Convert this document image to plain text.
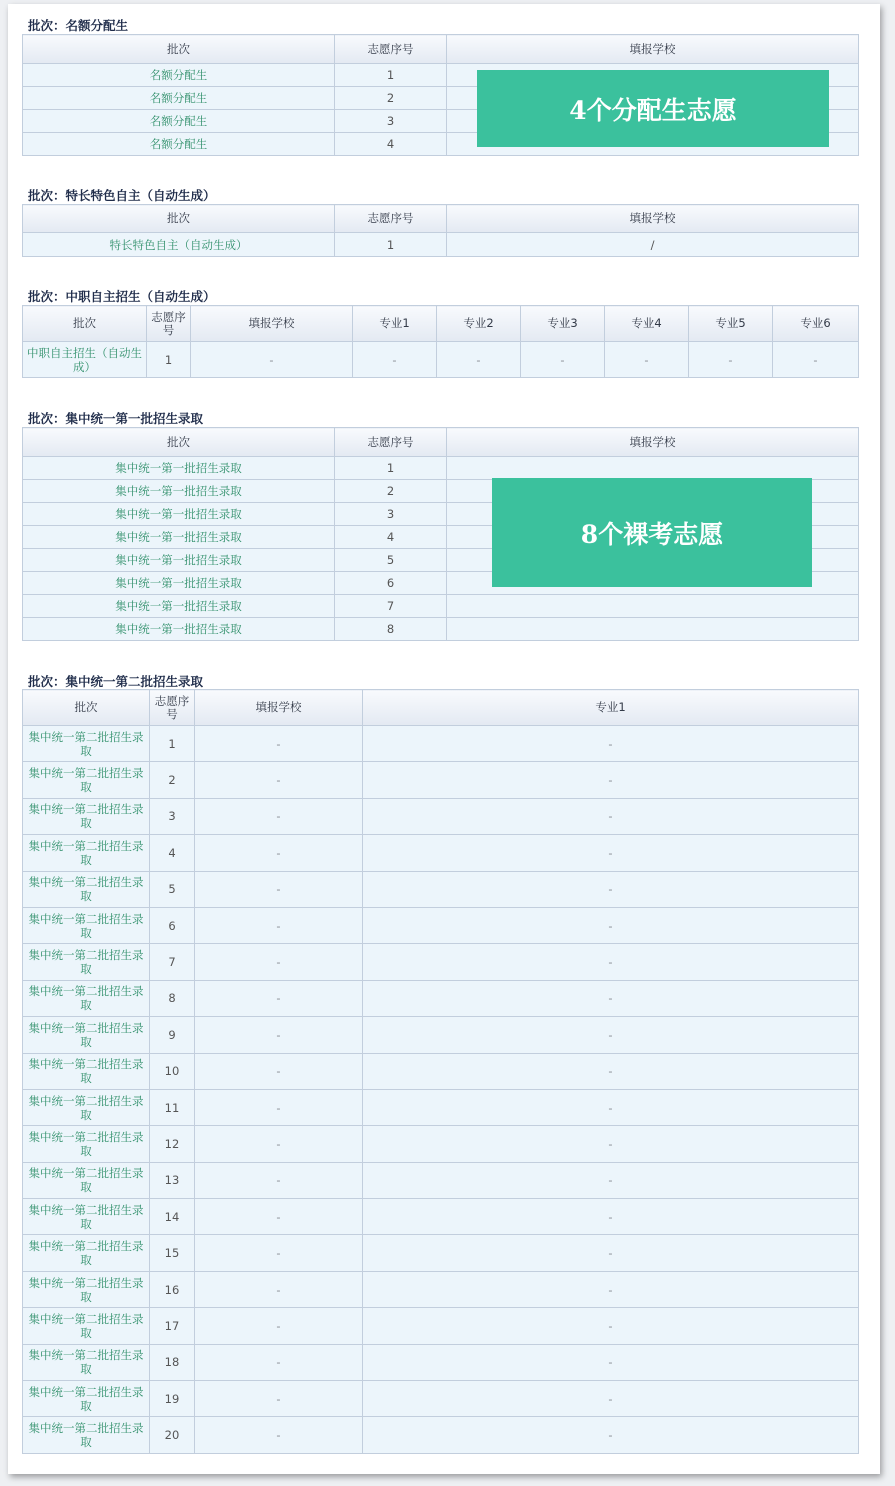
批次：名额分配生
批次	志愿序号	填报学校
名额分配生	1	
名额分配生	2	
名额分配生	3	
名额分配生	4	
4个分配生志愿
批次：特长特色自主（自动生成）
批次	志愿序号	填报学校
特长特色自主（自动生成）	1	/
批次：中职自主招生（自动生成）
批次	志愿序号	填报学校	专业1	专业2	专业3	专业4	专业5	专业6
中职自主招生（自动生成）	1	-	-	-	-	-	-	-
批次：集中统一第一批招生录取
批次	志愿序号	填报学校
集中统一第一批招生录取	1	
集中统一第一批招生录取	2	
集中统一第一批招生录取	3	
集中统一第一批招生录取	4	
集中统一第一批招生录取	5	
集中统一第一批招生录取	6	
集中统一第一批招生录取	7	
集中统一第一批招生录取	8	
8个裸考志愿
批次：集中统一第二批招生录取
批次	志愿序号	填报学校	专业1
集中统一第二批招生录取	1	-	-
集中统一第二批招生录取	2	-	-
集中统一第二批招生录取	3	-	-
集中统一第二批招生录取	4	-	-
集中统一第二批招生录取	5	-	-
集中统一第二批招生录取	6	-	-
集中统一第二批招生录取	7	-	-
集中统一第二批招生录取	8	-	-
集中统一第二批招生录取	9	-	-
集中统一第二批招生录取	10	-	-
集中统一第二批招生录取	11	-	-
集中统一第二批招生录取	12	-	-
集中统一第二批招生录取	13	-	-
集中统一第二批招生录取	14	-	-
集中统一第二批招生录取	15	-	-
集中统一第二批招生录取	16	-	-
集中统一第二批招生录取	17	-	-
集中统一第二批招生录取	18	-	-
集中统一第二批招生录取	19	-	-
集中统一第二批招生录取	20	-	-
